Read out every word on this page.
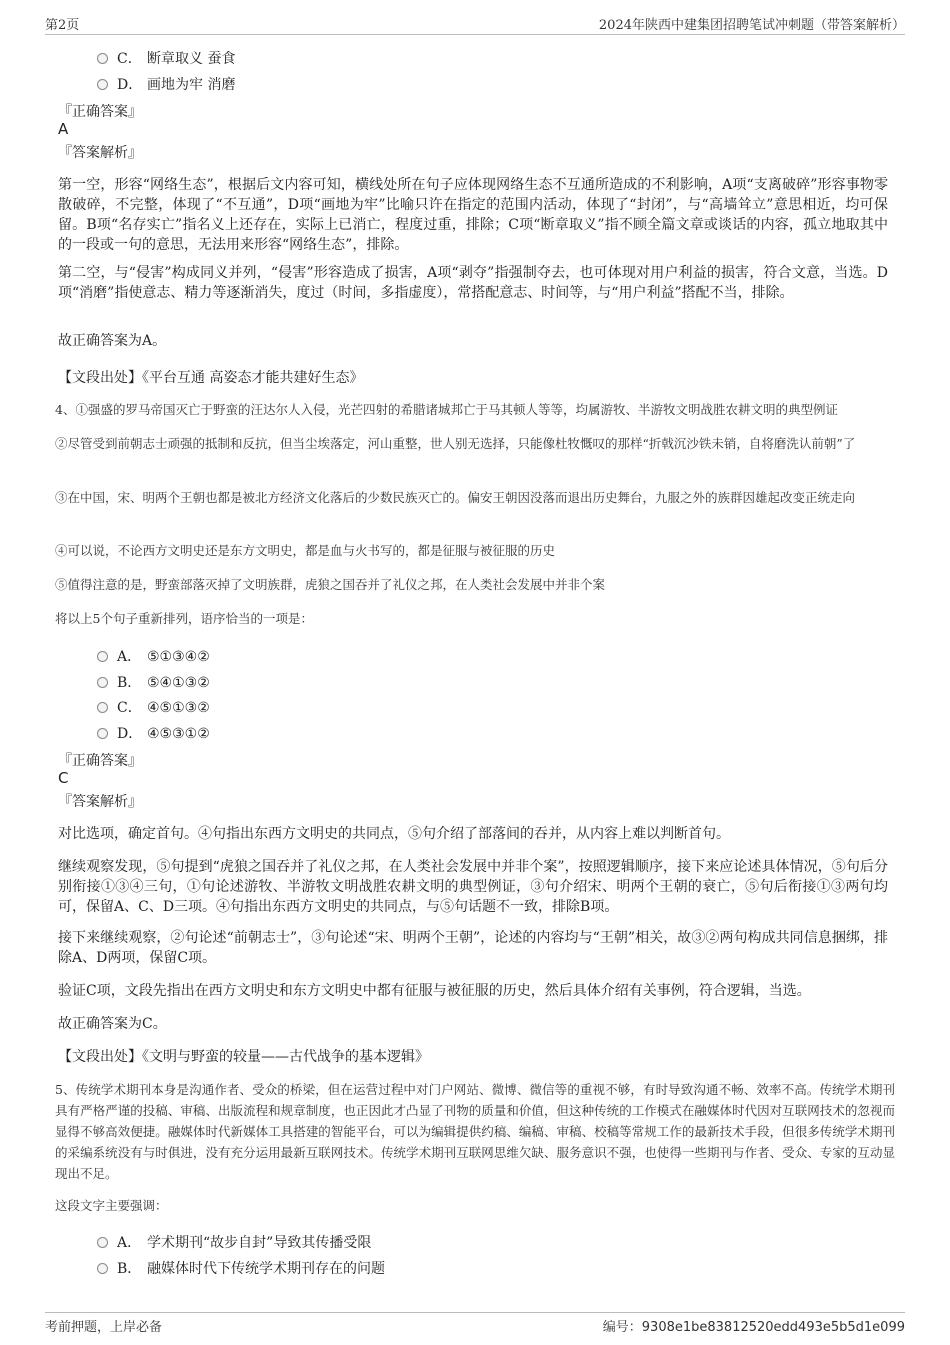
第2页	2024年陕西中建集团招聘笔试冲刺题（带答案解析）
C． 断章取义 蚕食
D． 画地为牢 消磨
『正确答案』
A
『答案解析』
第一空，形容“网络生态”，根据后文内容可知，横线处所在句子应体现网络生态不互通所造成的不利影响，A项“支离破碎”形容事物零散破碎，不完整，体现了“不互通”，D项“画地为牢”比喻只许在指定的范围内活动，体现了“封闭”，与“高墙耸立”意思相近，均可保留。B项“名存实亡”指名义上还存在，实际上已消亡，程度过重，排除；C项“断章取义”指不顾全篇文章或谈话的内容，孤立地取其中的一段或一句的意思，无法用来形容“网络生态”，排除。
第二空，与“侵害”构成同义并列，“侵害”形容造成了损害，A项“剥夺”指强制夺去，也可体现对用户利益的损害，符合文意，当选。D项“消磨”指使意志、精力等逐渐消失，度过（时间，多指虚度），常搭配意志、时间等，与“用户利益”搭配不当，排除。
故正确答案为A。
【文段出处】《平台互通 高姿态才能共建好生态》
4、①强盛的罗马帝国灭亡于野蛮的汪达尔人入侵，光芒四射的希腊诸城邦亡于马其顿人等等，均属游牧、半游牧文明战胜农耕文明的典型例证
②尽管受到前朝志士顽强的抵制和反抗，但当尘埃落定，河山重整，世人别无选择，只能像杜牧慨叹的那样“折戟沉沙铁未销，自将磨洗认前朝”了
③在中国，宋、明两个王朝也都是被北方经济文化落后的少数民族灭亡的。偏安王朝因没落而退出历史舞台，九服之外的族群因雄起改变正统走向
④可以说，不论西方文明史还是东方文明史，都是血与火书写的，都是征服与被征服的历史
⑤值得注意的是，野蛮部落灭掉了文明族群，虎狼之国吞并了礼仪之邦，在人类社会发展中并非个案
将以上5个句子重新排列，语序恰当的一项是：
A． ⑤①③④②
B． ⑤④①③②
C． ④⑤①③②
D． ④⑤③①②
『正确答案』
C
『答案解析』
对比选项，确定首句。④句指出东西方文明史的共同点，⑤句介绍了部落间的吞并，从内容上难以判断首句。
继续观察发现，⑤句提到“虎狼之国吞并了礼仪之邦，在人类社会发展中并非个案”，按照逻辑顺序，接下来应论述具体情况，⑤句后分别衔接①③④三句，①句论述游牧、半游牧文明战胜农耕文明的典型例证，③句介绍宋、明两个王朝的衰亡，⑤句后衔接①③两句均可，保留A、C、D三项。④句指出东西方文明史的共同点，与⑤句话题不一致，排除B项。
接下来继续观察，②句论述“前朝志士”，③句论述“宋、明两个王朝”，论述的内容均与“王朝”相关，故③②两句构成共同信息捆绑，排除A、D两项，保留C项。
验证C项，文段先指出在西方文明史和东方文明史中都有征服与被征服的历史，然后具体介绍有关事例，符合逻辑，当选。
故正确答案为C。
【文段出处】《文明与野蛮的较量——古代战争的基本逻辑》
5、传统学术期刊本身是沟通作者、受众的桥梁，但在运营过程中对门户网站、微博、微信等的重视不够，有时导致沟通不畅、效率不高。传统学术期刊具有严格严谨的投稿、审稿、出版流程和规章制度，也正因此才凸显了刊物的质量和价值，但这种传统的工作模式在融媒体时代因对互联网技术的忽视而显得不够高效便捷。融媒体时代新媒体工具搭建的智能平台，可以为编辑提供约稿、编稿、审稿、校稿等常规工作的最新技术手段，但很多传统学术期刊的采编系统没有与时俱进，没有充分运用最新互联网技术。传统学术期刊互联网思维欠缺、服务意识不强，也使得一些期刊与作者、受众、专家的互动显现出不足。
这段文字主要强调：
A． 学术期刊“故步自封”导致其传播受限
B． 融媒体时代下传统学术期刊存在的问题
考前押题，上岸必备	编号：9308e1be83812520edd493e5b5d1e099
